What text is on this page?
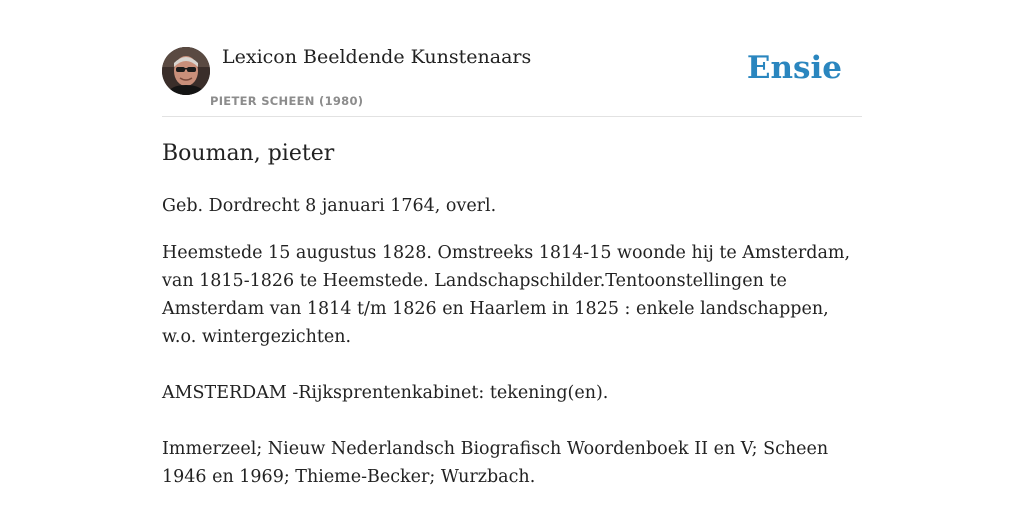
Lexicon Beeldende Kunstenaars
PIETER SCHEEN (1980)
Ensie
Bouman, pieter

Geb. Dordrecht 8 januari 1764, overl.

Heemstede 15 augustus 1828. Omstreeks 1814-15 woonde hij te Amsterdam, van 1815-1826 te Heemstede. Landschapschilder.Tentoonstellingen te Amsterdam van 1814 t/m 1826 en Haarlem in 1825 : enkele landschappen, w.o. wintergezichten.

AMSTERDAM -Rijksprentenkabinet: tekening(en).

Immerzeel; Nieuw Nederlandsch Biografisch Woordenboek II en V; Scheen 1946 en 1969; Thieme-Becker; Wurzbach.
